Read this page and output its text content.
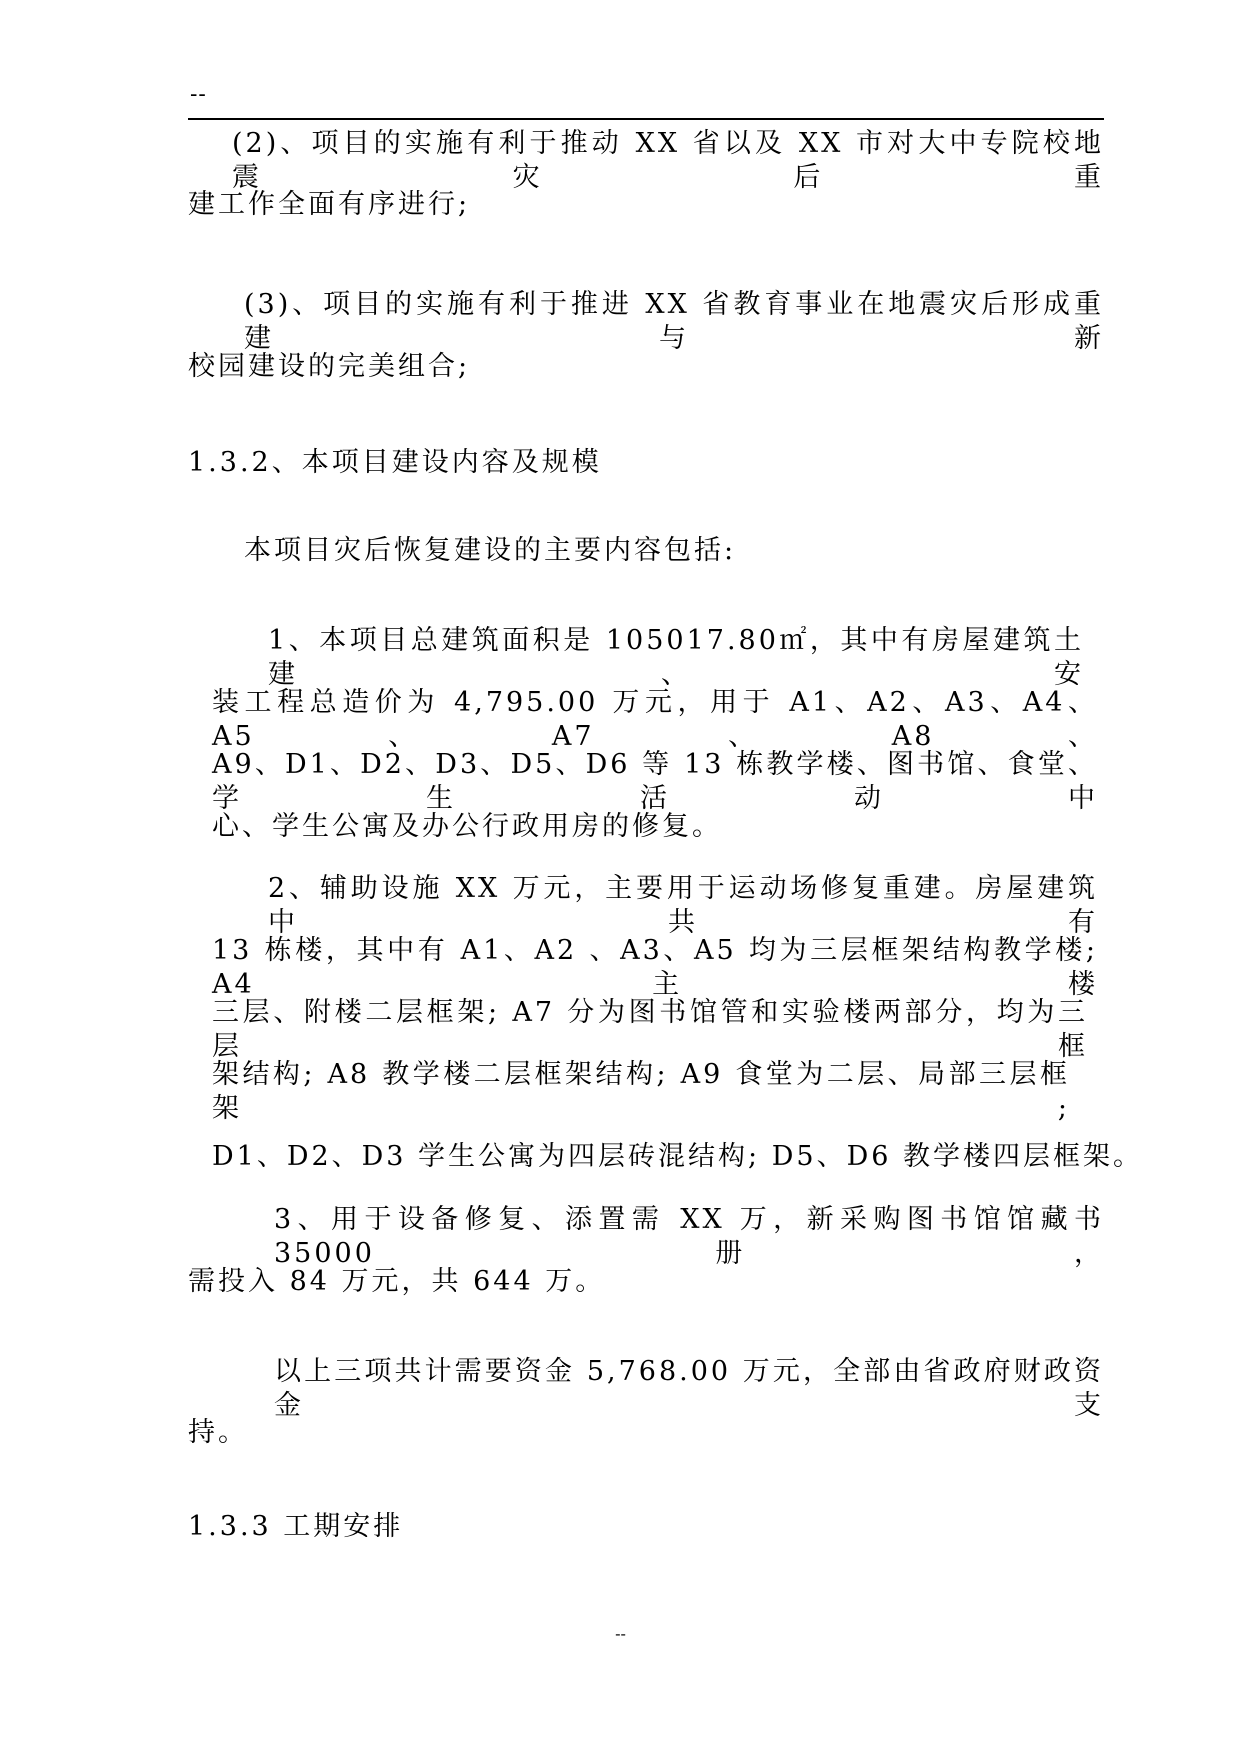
--
(2)、项目的实施有利于推动 XX 省以及 XX 市对大中专院校地震灾后重
建工作全面有序进行;
(3)、项目的实施有利于推进 XX 省教育事业在地震灾后形成重建与新
校园建设的完美组合;
1.3.2、本项目建设内容及规模
本项目灾后恢复建设的主要内容包括:
1、本项目总建筑面积是 105017.80㎡，其中有房屋建筑土建、安
装工程总造价为 4,795.00 万元，用于 A1、A2、A3、A4、A5、A7、A8、
A9、D1、D2、D3、D5、D6 等 13 栋教学楼、图书馆、食堂、学生活动中
心、学生公寓及办公行政用房的修复。
2、辅助设施 XX 万元，主要用于运动场修复重建。房屋建筑中共有
13 栋楼，其中有 A1、A2 、A3、A5 均为三层框架结构教学楼; A4 主楼
三层、附楼二层框架; A7 分为图书馆管和实验楼两部分，均为三层框
架结构; A8 教学楼二层框架结构; A9 食堂为二层、局部三层框架;
D1、D2、D3 学生公寓为四层砖混结构; D5、D6 教学楼四层框架。
3、用于设备修复、添置需 XX 万，新采购图书馆馆藏书 35000 册，
需投入 84 万元，共 644 万。
以上三项共计需要资金 5,768.00 万元，全部由省政府财政资金支
持。
1.3.3 工期安排
--
